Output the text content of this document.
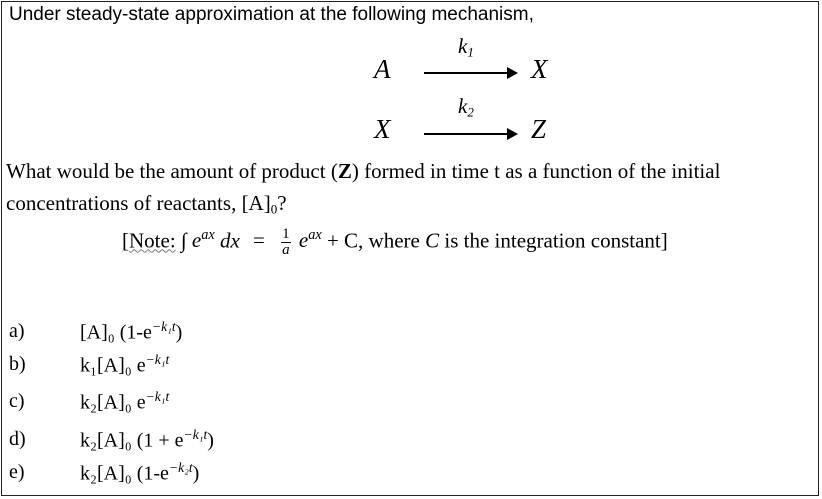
Under steady-state approximation at the following mechanism,
A
$k_1$
X
X
$k_2$
Z
What would be the amount of product (Z) formed in time t as a function of the initial
concentrations of reactants, $[A]_0$?
[Note: ∫ $e^{ax}$ dx = $\frac{1}{a} e^{ax} + C$, where C is the integration constant]
a)	[A]₀ $(1-e^{-k_1t})$
b)	k₁[A]₀ $e^{-k_1t}$
c)	k₂[A]₀ $e^{-k_1t}$
d)	k₂[A]₀ $(1 + e^{-k_1t})$
e)	k₂[A]₀ $(1-e^{-k_2t})$
